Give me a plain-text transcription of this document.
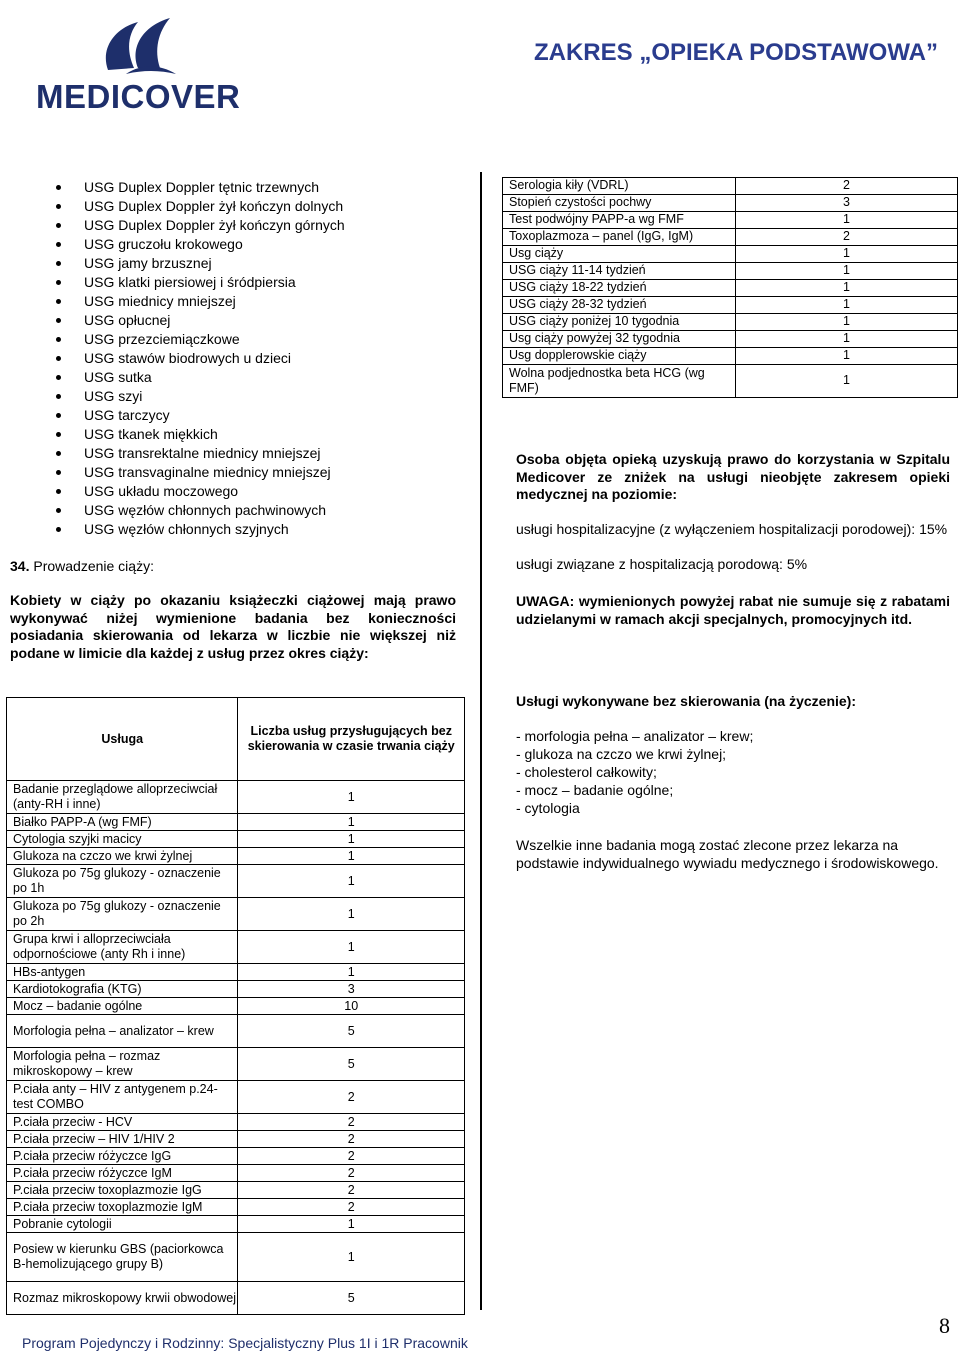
MEDICOVER
ZAKRES „OPIEKA PODSTAWOWA”
USG Duplex Doppler tętnic trzewnych
USG Duplex Doppler żył kończyn dolnych
USG Duplex Doppler żył kończyn górnych
USG gruczołu krokowego
USG jamy brzusznej
USG klatki piersiowej i śródpiersia
USG miednicy mniejszej
USG opłucnej
USG przezciemiączkowe
USG stawów biodrowych u dzieci
USG sutka
USG szyi
USG tarczycy
USG tkanek miękkich
USG transrektalne miednicy mniejszej
USG transvaginalne miednicy mniejszej
USG układu moczowego
USG węzłów chłonnych pachwinowych
USG węzłów chłonnych szyjnych
34. Prowadzenie ciąży:
Kobiety w ciąży po okazaniu książeczki ciążowej mają prawo wykonywać niżej wymienione badania bez konieczności posiadania skierowania od lekarza w liczbie nie większej niż podane w limicie dla każdej z usług przez okres ciąży:
Usługa	Liczba usług przysługujących bez skierowania w czasie trwania ciąży
Badanie przeglądowe alloprzeciwciał (anty-RH i inne)	1
Białko PAPP-A (wg FMF)	1
Cytologia szyjki macicy	1
Glukoza na czczo we krwi żylnej	1
Glukoza po 75g glukozy - oznaczenie po 1h	1
Glukoza po 75g glukozy - oznaczenie po 2h	1
Grupa krwi i alloprzeciwciała odpornościowe (anty Rh i inne)	1
HBs-antygen	1
Kardiotokografia (KTG)	3
Mocz – badanie ogólne	10
Morfologia pełna – analizator – krew	5
Morfologia pełna – rozmaz mikroskopowy – krew	5
P.ciała anty – HIV z antygenem p.24-test COMBO	2
P.ciała przeciw - HCV	2
P.ciała przeciw – HIV 1/HIV 2	2
P.ciała przeciw różyczce IgG	2
P.ciała przeciw różyczce IgM	2
P.ciała przeciw toxoplazmozie IgG	2
P.ciała przeciw toxoplazmozie IgM	2
Pobranie cytologii	1
Posiew w kierunku GBS (paciorkowca B-hemolizującego grupy B)	1
Rozmaz mikroskopowy krwii obwodowej	5
Serologia kiły (VDRL)	2
Stopień czystości pochwy	3
Test podwójny PAPP-a wg FMF	1
Toxoplazmoza – panel (IgG, IgM)	2
Usg ciąży	1
USG ciąży 11-14 tydzień	1
USG ciąży 18-22 tydzień	1
USG ciąży 28-32 tydzień	1
USG ciąży poniżej 10 tygodnia	1
Usg ciąży powyżej 32 tygodnia	1
Usg dopplerowskie ciąży	1
Wolna podjednostka beta HCG (wg FMF)	1
Osoba objęta opieką uzyskują prawo do korzystania w Szpitalu Medicover ze zniżek na usługi nieobjęte zakresem opieki medycznej na poziomie:
usługi hospitalizacyjne (z wyłączeniem hospitalizacji porodowej): 15%
usługi związane z hospitalizacją porodową: 5%
UWAGA: wymienionych powyżej rabat nie sumuje się z rabatami udzielanymi w ramach akcji specjalnych, promocyjnych itd.
Usługi wykonywane bez skierowania (na życzenie):
- morfologia pełna – analizator – krew;
- glukoza na czczo we krwi żylnej;
- cholesterol całkowity;
- mocz – badanie ogólne;
- cytologia
Wszelkie inne badania mogą zostać zlecone przez lekarza na podstawie indywidualnego wywiadu medycznego i środowiskowego.
Program Pojedynczy i Rodzinny: Specjalistyczny Plus 1I i 1R Pracownik
8
